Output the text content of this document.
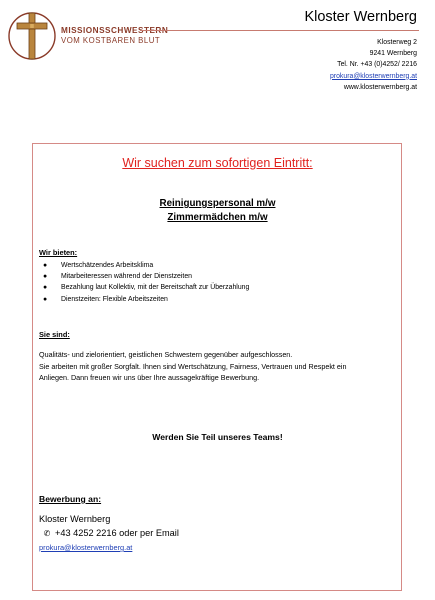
MISSIONSSCHWESTERN
VOM KOSTBAREN BLUT
Kloster Wernberg
Klosterweg 2
9241 Wernberg
Tel. Nr. +43 (0)4252/ 2216
prokura@klosterwernberg.at
www.klosterwernberg.at
Wir suchen zum sofortigen Eintritt:
Reinigungspersonal m/w
Zimmermädchen m/w
Wir bieten:
● Wertschätzendes Arbeitsklima
● Mitarbeiteressen während der Dienstzeiten
● Bezahlung laut Kollektiv, mit der Bereitschaft zur Überzahlung
● Dienstzeiten: Flexible Arbeitszeiten
Sie sind:
Qualitäts- und zielorientiert, geistlichen Schwestern gegenüber aufgeschlossen.
Sie arbeiten mit großer Sorgfalt. Ihnen sind Wertschätzung, Fairness, Vertrauen und Respekt ein
Anliegen. Dann freuen wir uns über Ihre aussagekräftige Bewerbung.
Werden Sie Teil unseres Teams!
Bewerbung an:
Kloster Wernberg
✆ +43 4252 2216 oder per Email
prokura@klosterwernberg.at
